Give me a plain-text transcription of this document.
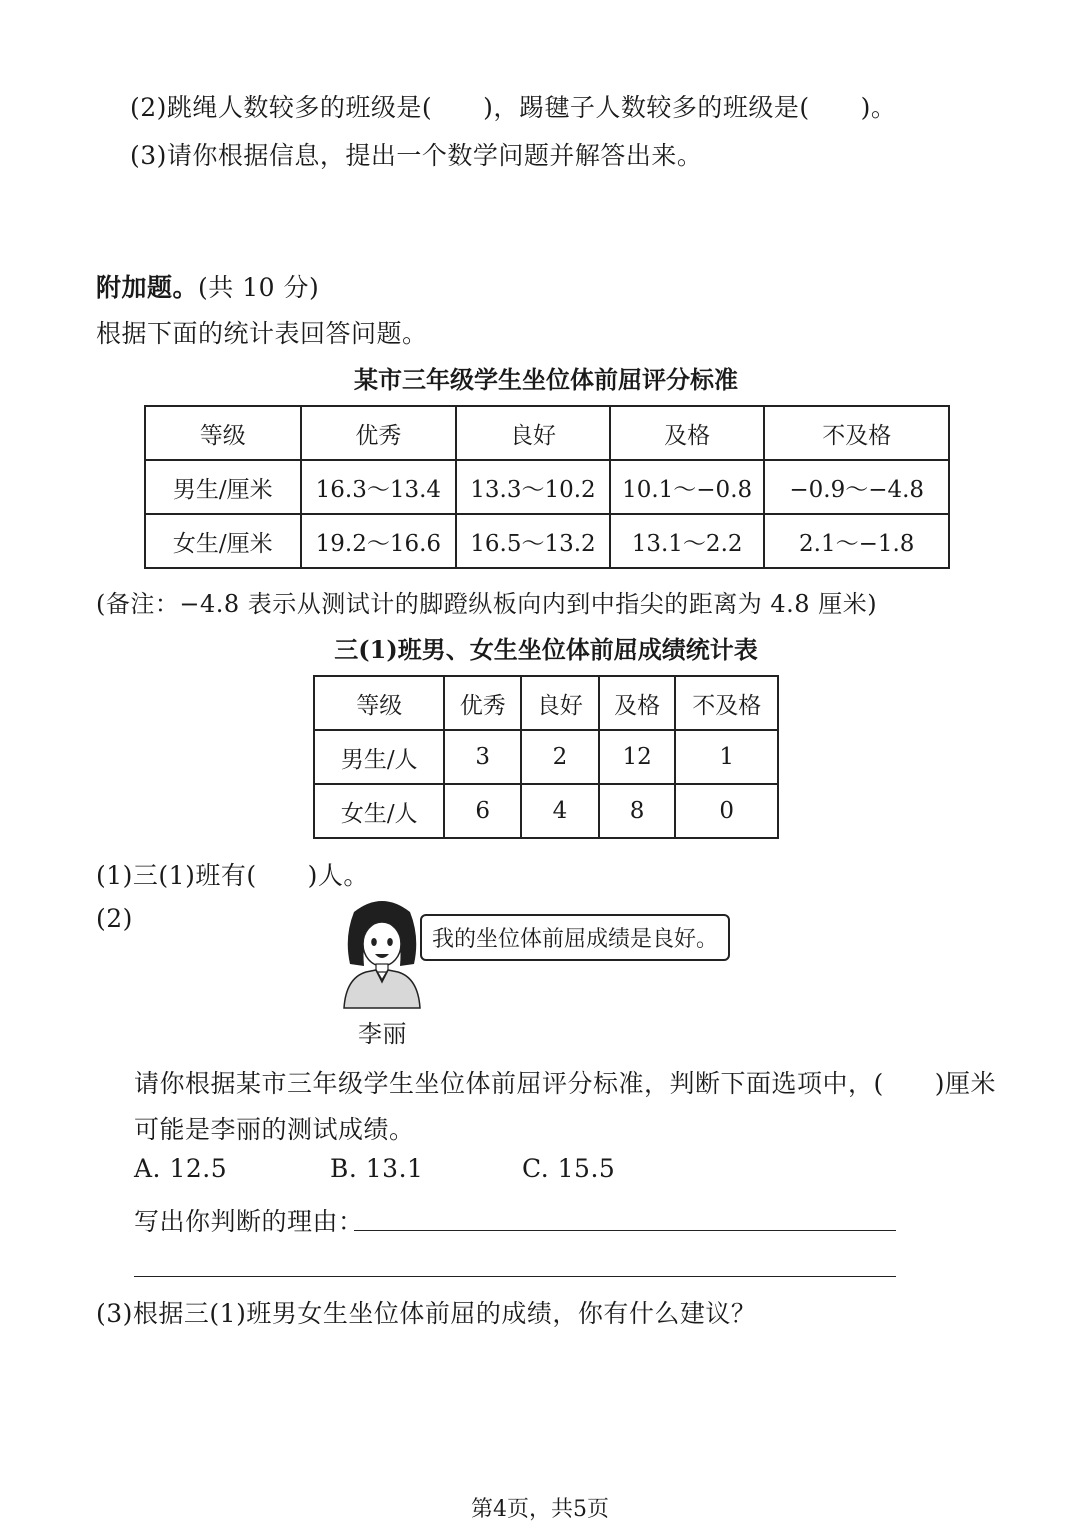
(2)跳绳人数较多的班级是(　　)，踢毽子人数较多的班级是(　　)。
(3)请你根据信息，提出一个数学问题并解答出来。
附加题。(共 10 分)
根据下面的统计表回答问题。
某市三年级学生坐位体前屈评分标准
等级	优秀	良好	及格	不及格
男生/厘米	16.3～13.4	13.3～10.2	10.1～−0.8	−0.9～−4.8
女生/厘米	19.2～16.6	16.5～13.2	13.1～2.2	2.1～−1.8
(备注：−4.8 表示从测试计的脚蹬纵板向内到中指尖的距离为 4.8 厘米)
三(1)班男、女生坐位体前屈成绩统计表
等级	优秀	良好	及格	不及格
男生/人	3	2	12	1
女生/人	6	4	8	0
(1)三(1)班有(　　)人。
(2)
我的坐位体前屈成绩是良好。
李丽
请你根据某市三年级学生坐位体前屈评分标准，判断下面选项中，(　　)厘米
可能是李丽的测试成绩。
A. 12.5	B. 13.1	C. 15.5
写出你判断的理由：
(3)根据三(1)班男女生坐位体前屈的成绩，你有什么建议？
第4页，共5页
